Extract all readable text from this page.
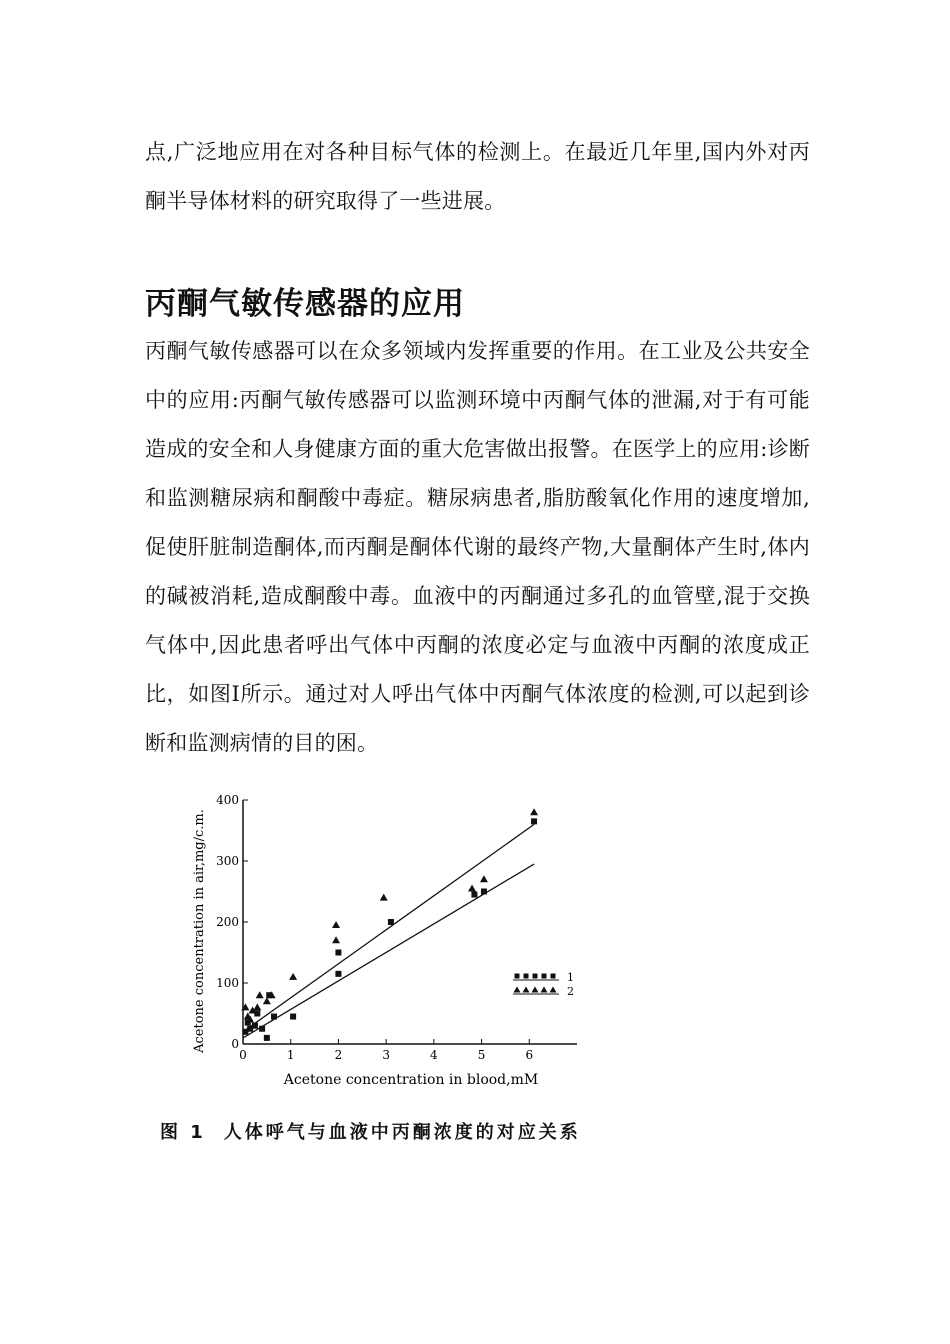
点,广泛地应用在对各种目标气体的检测上。在最近几年里,国内外对丙酮半导体材料的研究取得了一些进展。

丙酮气敏传感器的应用

丙酮气敏传感器可以在众多领域内发挥重要的作用。在工业及公共安全中的应用:丙酮气敏传感器可以监测环境中丙酮气体的泄漏,对于有可能造成的安全和人身健康方面的重大危害做出报警。在医学上的应用:诊断和监测糖尿病和酮酸中毒症。糖尿病患者,脂肪酸氧化作用的速度增加,促使肝脏制造酮体,而丙酮是酮体代谢的最终产物,大量酮体产生时,体内的碱被消耗,造成酮酸中毒。血液中的丙酮通过多孔的血管壁,混于交换气体中,因此患者呼出气体中丙酮的浓度必定与血液中丙酮的浓度成正比，如图Ⅰ所示。通过对人呼出气体中丙酮气体浓度的检测,可以起到诊断和监测病情的目的困。

0	1	2	3	4	5	6
0
100
200
300
400
1
2
Acetone concentration in blood,mM
Acetone concentration in air,mg/c.m.

图 1 人体呼气与血液中丙酮浓度的对应关系
